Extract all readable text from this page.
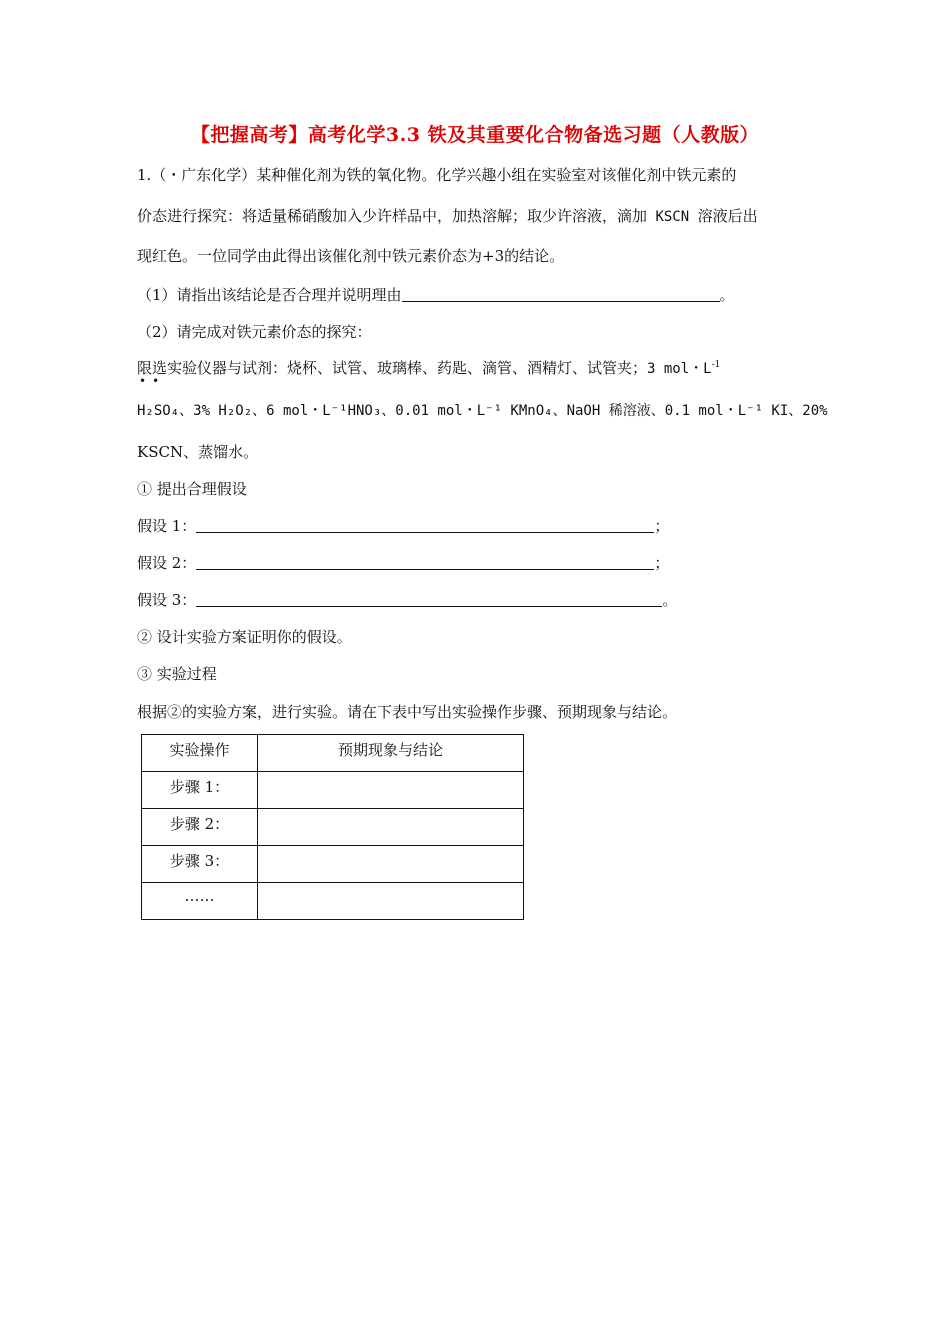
【把握高考】高考化学3.3 铁及其重要化合物备选习题（人教版）
1.（・广东化学）某种催化剂为铁的氧化物。化学兴趣小组在实验室对该催化剂中铁元素的
价态进行探究：将适量稀硝酸加入少许样品中，加热溶解；取少许溶液，滴加 KSCN 溶液后出
现红色。一位同学由此得出该催化剂中铁元素价态为+3的结论。
（1）请指出该结论是否合理并说明理由	。
（2）请完成对铁元素价态的探究：
限选实验仪器与试剂：烧杯、试管、玻璃棒、药匙、滴管、酒精灯、试管夹；3 mol・$L^{-1}$
••
H₂SO₄、3% H₂O₂、6 mol・L⁻¹HNO₃、0.01 mol・L⁻¹ KMnO₄、NaOH 稀溶液、0.1 mol・L⁻¹ KI、20%
KSCN、蒸馏水。
① 提出合理假设
假设 1：	；
假设 2：	；
假设 3：	。
② 设计实验方案证明你的假设。
③ 实验过程
根据②的实验方案，进行实验。请在下表中写出实验操作步骤、预期现象与结论。
实验操作	预期现象与结论
步骤 1：	
步骤 2：	
步骤 3：	
……	
